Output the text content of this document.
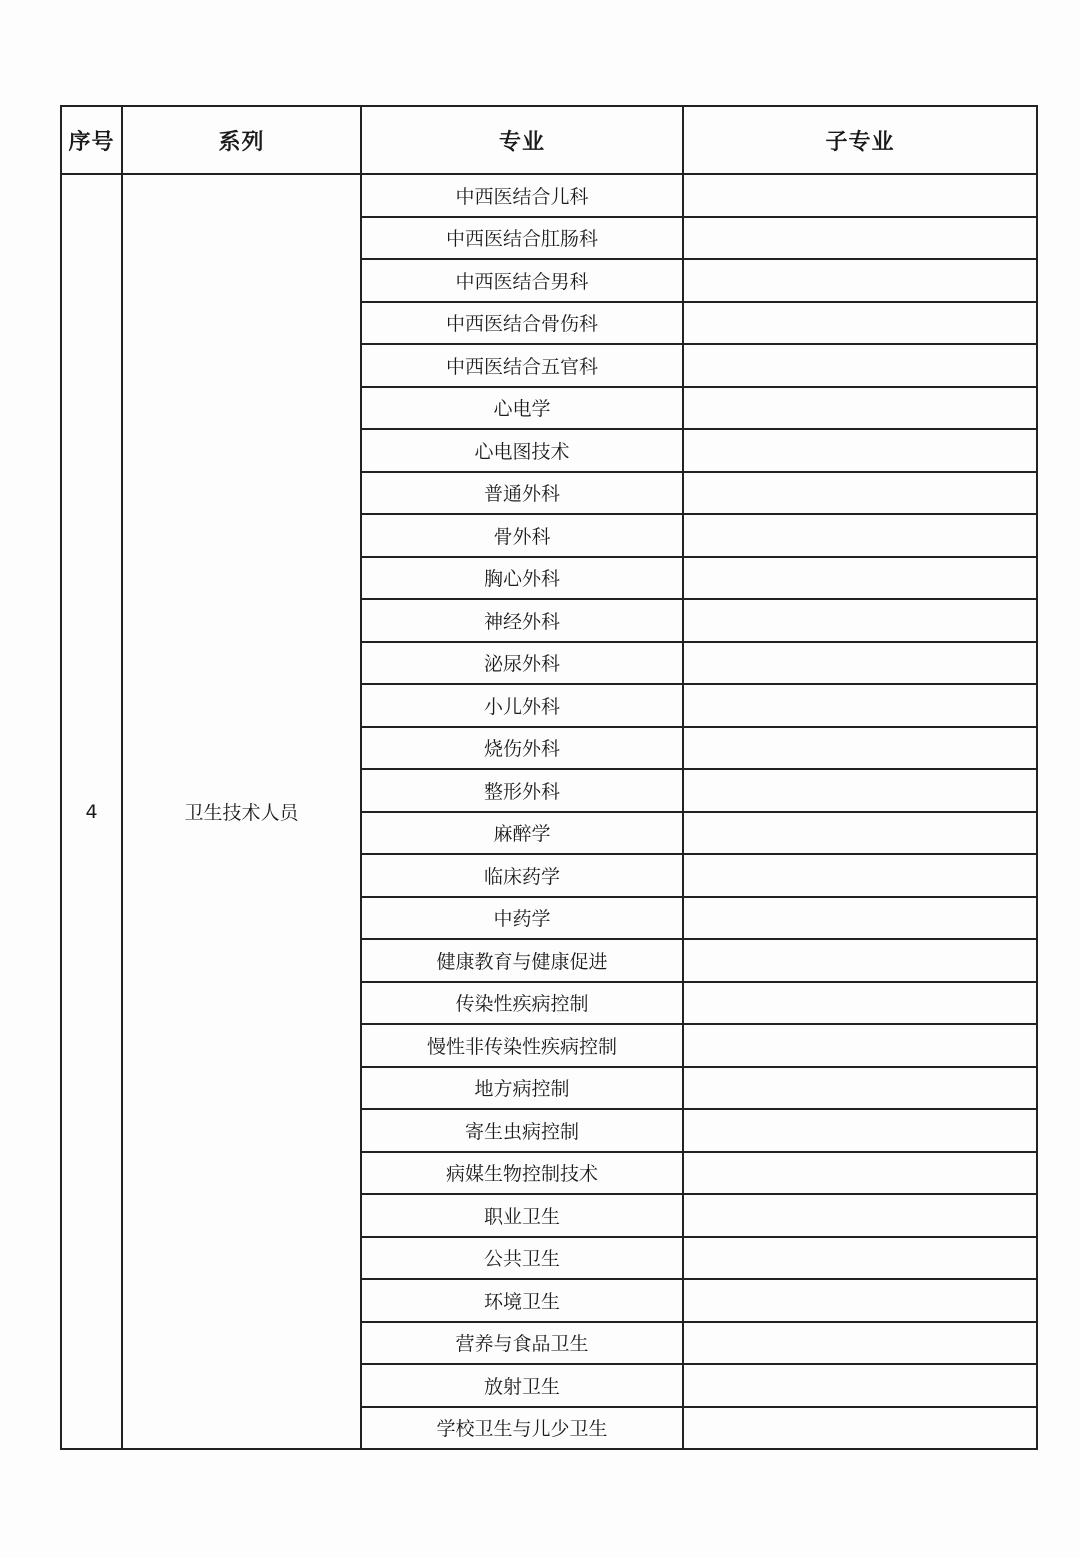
序号	系列	专业	子专业
4	卫生技术人员	中西医结合儿科	
		中西医结合肛肠科	
		中西医结合男科	
		中西医结合骨伤科	
		中西医结合五官科	
		心电学	
		心电图技术	
		普通外科	
		骨外科	
		胸心外科	
		神经外科	
		泌尿外科	
		小儿外科	
		烧伤外科	
		整形外科	
		麻醉学	
		临床药学	
		中药学	
		健康教育与健康促进	
		传染性疾病控制	
		慢性非传染性疾病控制	
		地方病控制	
		寄生虫病控制	
		病媒生物控制技术	
		职业卫生	
		公共卫生	
		环境卫生	
		营养与食品卫生	
		放射卫生	
		学校卫生与儿少卫生	
